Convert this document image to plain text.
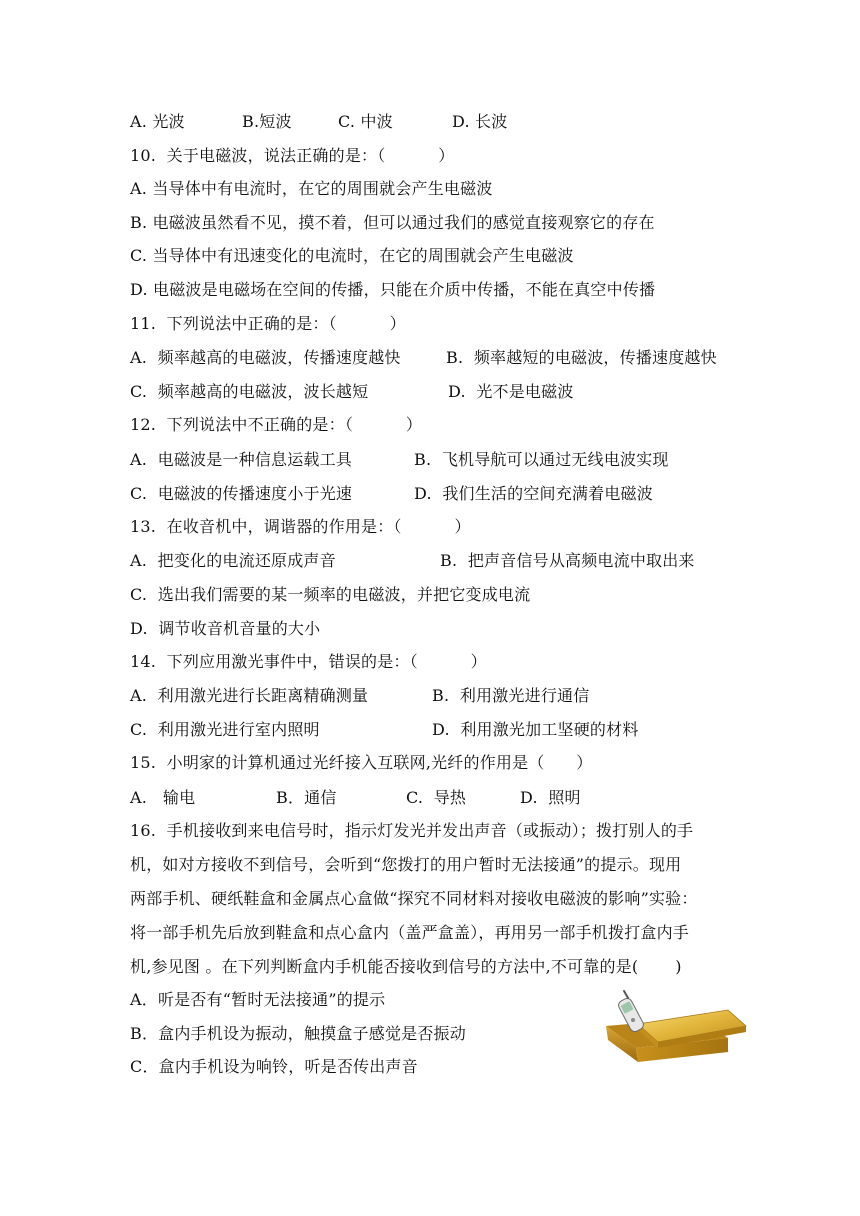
A. 光波

	B.短波

	C. 中波

	D. 长波

10.  关于电磁波，说法正确的是：（          ）
A. 当导体中有电流时，在它的周围就会产生电磁波
B. 电磁波虽然看不见，摸不着，但可以通过我们的感觉直接观察它的存在
C. 当导体中有迅速变化的电流时，在它的周围就会产生电磁波
D. 电磁波是电磁场在空间的传播，只能在介质中传播，不能在真空中传播
11.  下列说法中正确的是：（          ）

A.  频率越高的电磁波，传播速度越快

	B.  频率越短的电磁波，传播速度越快

C.  频率越高的电磁波，波长越短

	D.  光不是电磁波

12.  下列说法中不正确的是：（          ）

A.  电磁波是一种信息运载工具

	B.  飞机导航可以通过无线电波实现

C.  电磁波的传播速度小于光速

	D.  我们生活的空间充满着电磁波

13.  在收音机中，调谐器的作用是：（          ）

A.  把变化的电流还原成声音

	B.  把声音信号从高频电流中取出来

C.  选出我们需要的某一频率的电磁波，并把它变成电流
D.  调节收音机音量的大小
14.  下列应用激光事件中，错误的是：（          ）

A.  利用激光进行长距离精确测量

	B.  利用激光进行通信

C.  利用激光进行室内照明

	D.  利用激光加工坚硬的材料

15.  小明家的计算机通过光纤接入互联网,光纤的作用是（      ）

A.   输电

	B．通信

	C.  导热

	D.  照明

16.  手机接收到来电信号时，指示灯发光并发出声音（或振动）；拨打别人的手
机，如对方接收不到信号，会听到“您拨打的用户暂时无法接通”的提示。现用
两部手机、硬纸鞋盒和金属点心盒做“探究不同材料对接收电磁波的影响”实验：
将一部手机先后放到鞋盒和点心盒内（盖严盒盖），再用另一部手机拨打盒内手
机,参见图 。在下列判断盒内手机能否接收到信号的方法中,不可靠的是(       )
A．听是否有“暂时无法接通”的提示
B．盒内手机设为振动，触摸盒子感觉是否振动
C．盒内手机设为响铃，听是否传出声音
